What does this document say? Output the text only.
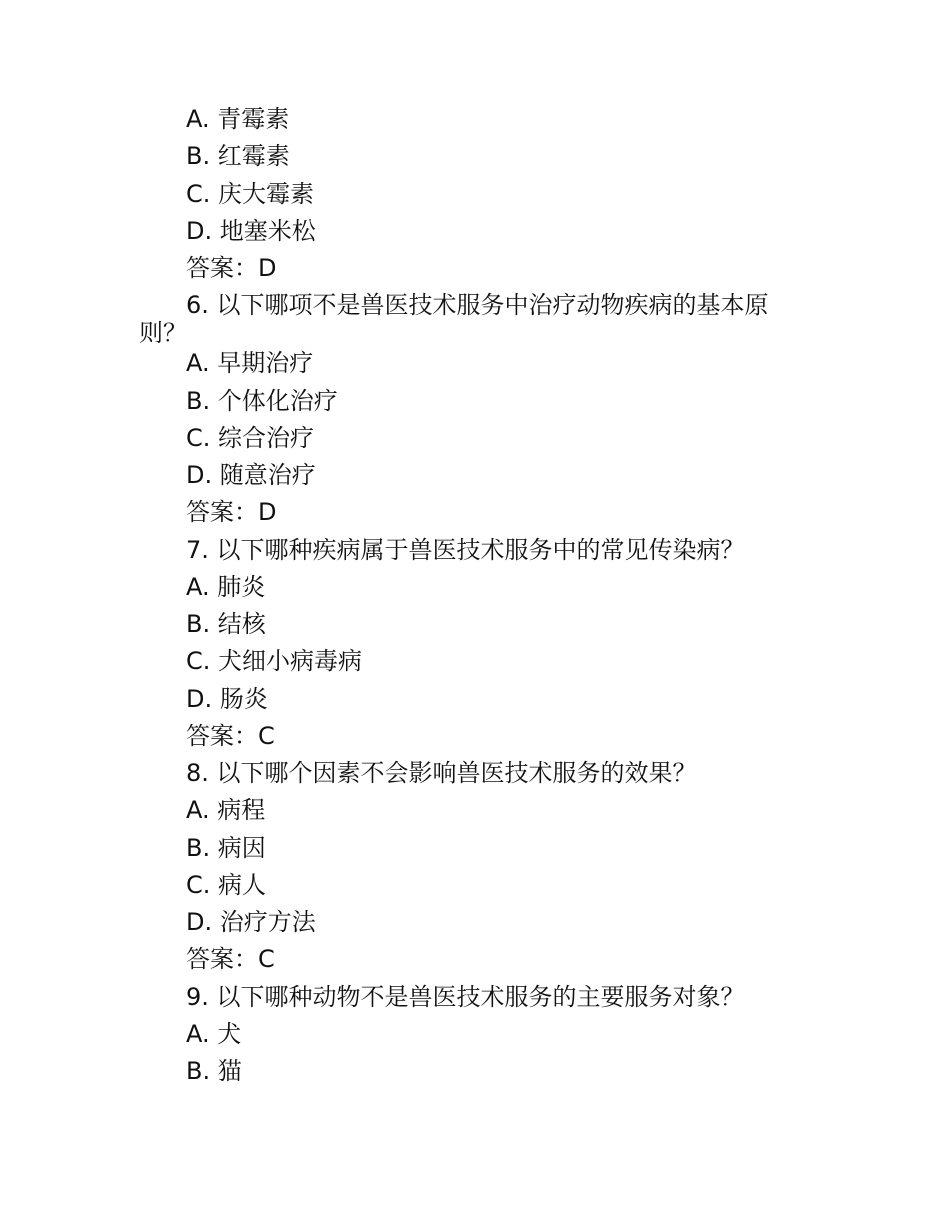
A. 青霉素
B. 红霉素
C. 庆大霉素
D. 地塞米松
答案：D
6. 以下哪项不是兽医技术服务中治疗动物疾病的基本原
则？
A. 早期治疗
B. 个体化治疗
C. 综合治疗
D. 随意治疗
答案：D
7. 以下哪种疾病属于兽医技术服务中的常见传染病？
A. 肺炎
B. 结核
C. 犬细小病毒病
D. 肠炎
答案：C
8. 以下哪个因素不会影响兽医技术服务的效果？
A. 病程
B. 病因
C. 病人
D. 治疗方法
答案：C
9. 以下哪种动物不是兽医技术服务的主要服务对象？
A. 犬
B. 猫
